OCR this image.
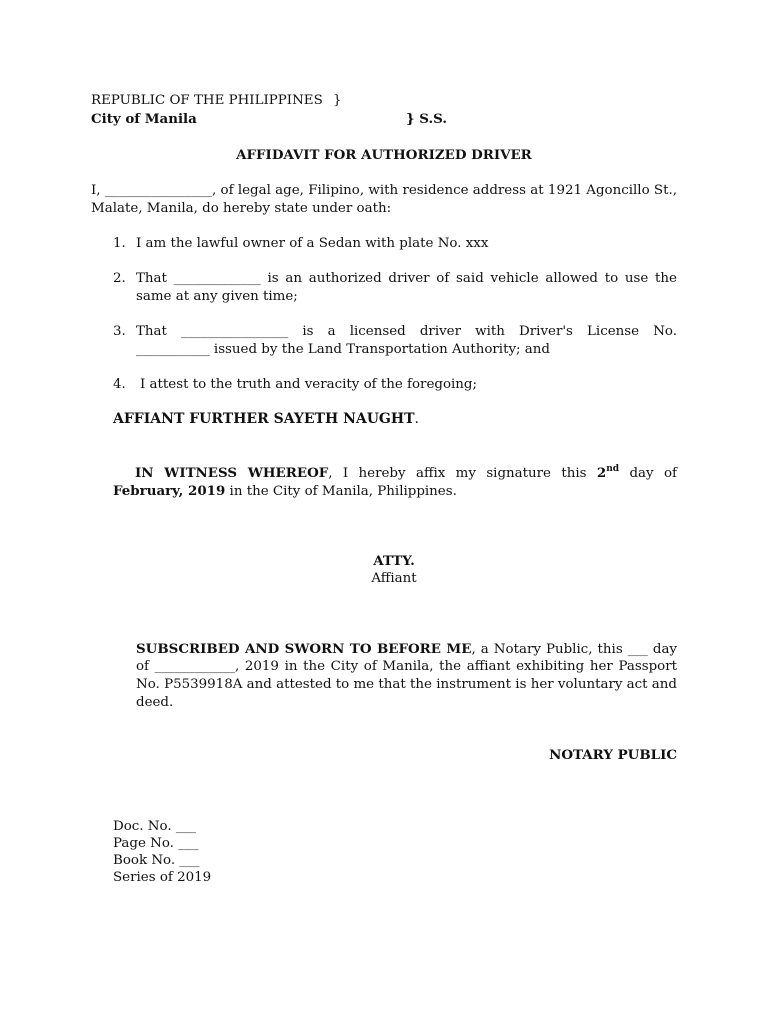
REPUBLIC OF THE PHILIPPINES }
City of Manila	} S.S.
AFFIDAVIT FOR AUTHORIZED DRIVER
I, ________________, of legal age, Filipino, with residence address at 1921 Agoncillo St.,
Malate, Manila, do hereby state under oath:
1. I am the lawful owner of a Sedan with plate No. xxx
2. That _____________ is an authorized driver of said vehicle allowed to use the
same at any given time;
3. That ________________ is a licensed driver with Driver's License No.
___________ issued by the Land Transportation Authority; and
4. I attest to the truth and veracity of the foregoing;
AFFIANT FURTHER SAYETH NAUGHT.
IN WITNESS WHEREOF, I hereby affix my signature this 2nd day of
February, 2019 in the City of Manila, Philippines.
ATTY.
Affiant
SUBSCRIBED AND SWORN TO BEFORE ME, a Notary Public, this ___ day
of ____________, 2019 in the City of Manila, the affiant exhibiting her Passport
No. P5539918A and attested to me that the instrument is her voluntary act and
deed.
NOTARY PUBLIC
Doc. No. ___
Page No. ___
Book No. ___
Series of 2019
